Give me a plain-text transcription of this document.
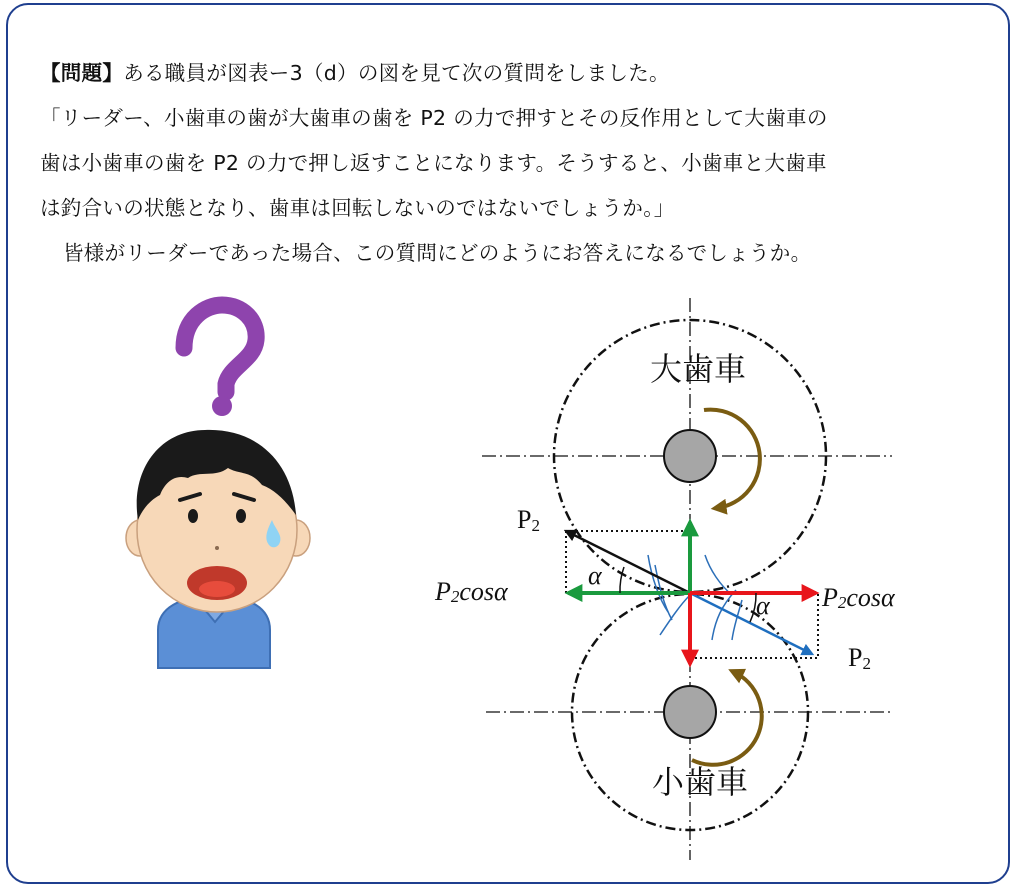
【問題】ある職員が図表ー3（d）の図を見て次の質問をしました。
「リーダー、小歯車の歯が大歯車の歯を P2 の力で押すとその反作用として大歯車の
歯は小歯車の歯を P2 の力で押し返すことになります。そうすると、小歯車と大歯車
は釣合いの状態となり、歯車は回転しないのではないでしょうか。」
皆様がリーダーであった場合、この質問にどのようにお答えになるでしょうか。
大歯車
小歯車
P2
P2
P2cosα	P2cosα
α
α
